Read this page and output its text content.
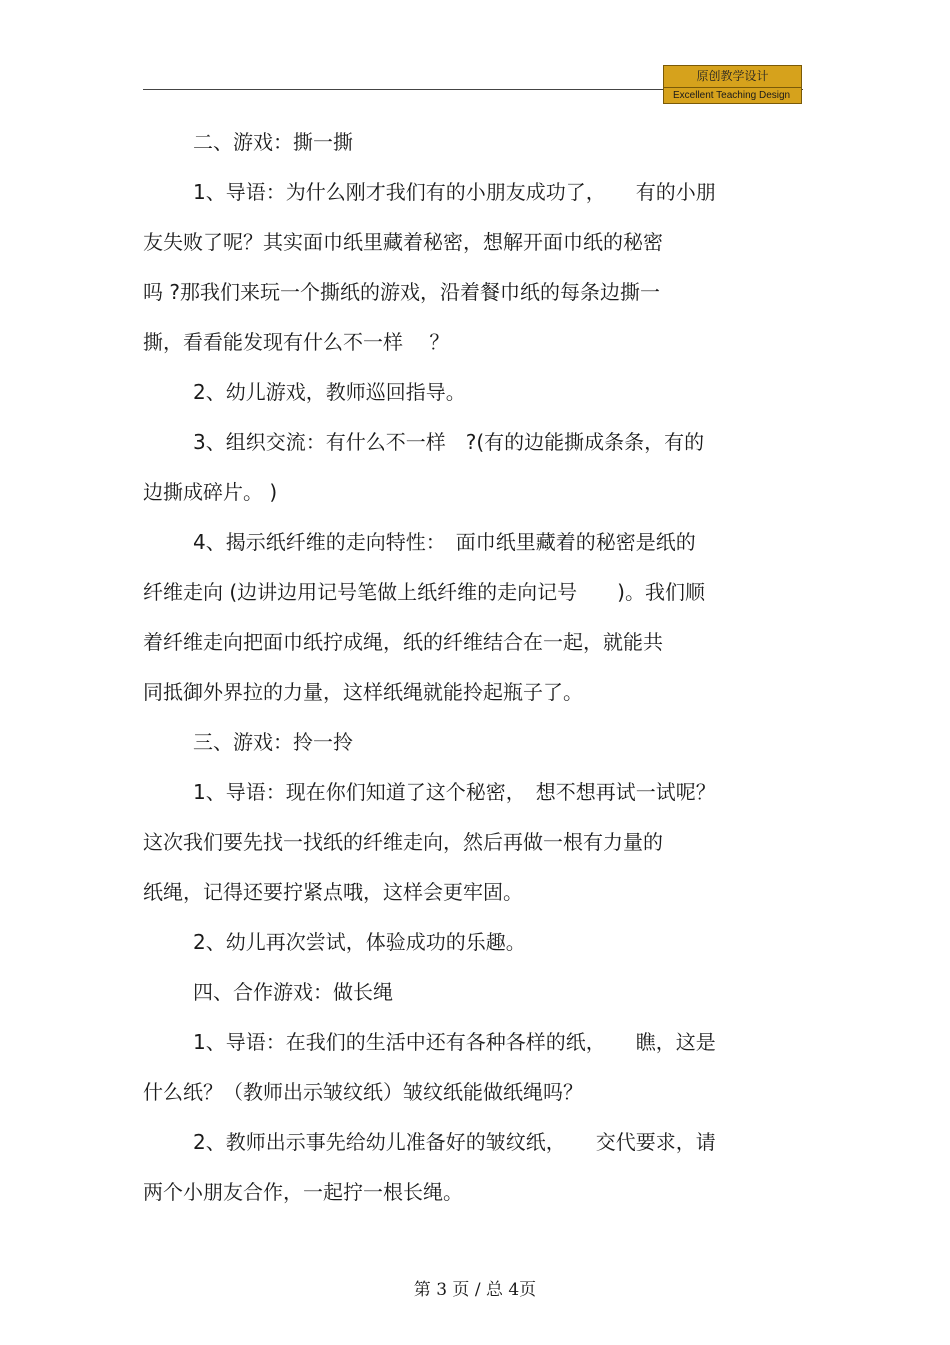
原创教学设计
Excellent Teaching Design
二、游戏：撕一撕
1、导语：为什么刚才我们有的小朋友成功了，　　有的小朋
友失败了呢？其实面巾纸里藏着秘密，想解开面巾纸的秘密
吗 ?那我们来玩一个撕纸的游戏，沿着餐巾纸的每条边撕一
撕，看看能发现有什么不一样　 ？
2、幼儿游戏，教师巡回指导。
3、组织交流：有什么不一样　?(有的边能撕成条条，有的
边撕成碎片。 )
4、揭示纸纤维的走向特性：　面巾纸里藏着的秘密是纸的
纤维走向 (边讲边用记号笔做上纸纤维的走向记号　　)。我们顺
着纤维走向把面巾纸拧成绳，纸的纤维结合在一起，就能共
同抵御外界拉的力量，这样纸绳就能拎起瓶子了。
三、游戏：拎一拎
1、导语：现在你们知道了这个秘密，　想不想再试一试呢？
这次我们要先找一找纸的纤维走向，然后再做一根有力量的
纸绳，记得还要拧紧点哦，这样会更牢固。
2、幼儿再次尝试，体验成功的乐趣。
四、合作游戏：做长绳
1、导语：在我们的生活中还有各种各样的纸，　　瞧，这是
什么纸？（教师出示皱纹纸）皱纹纸能做纸绳吗？
2、教师出示事先给幼儿准备好的皱纹纸，　　交代要求，请
两个小朋友合作，一起拧一根长绳。
第 3 页 / 总 4页
